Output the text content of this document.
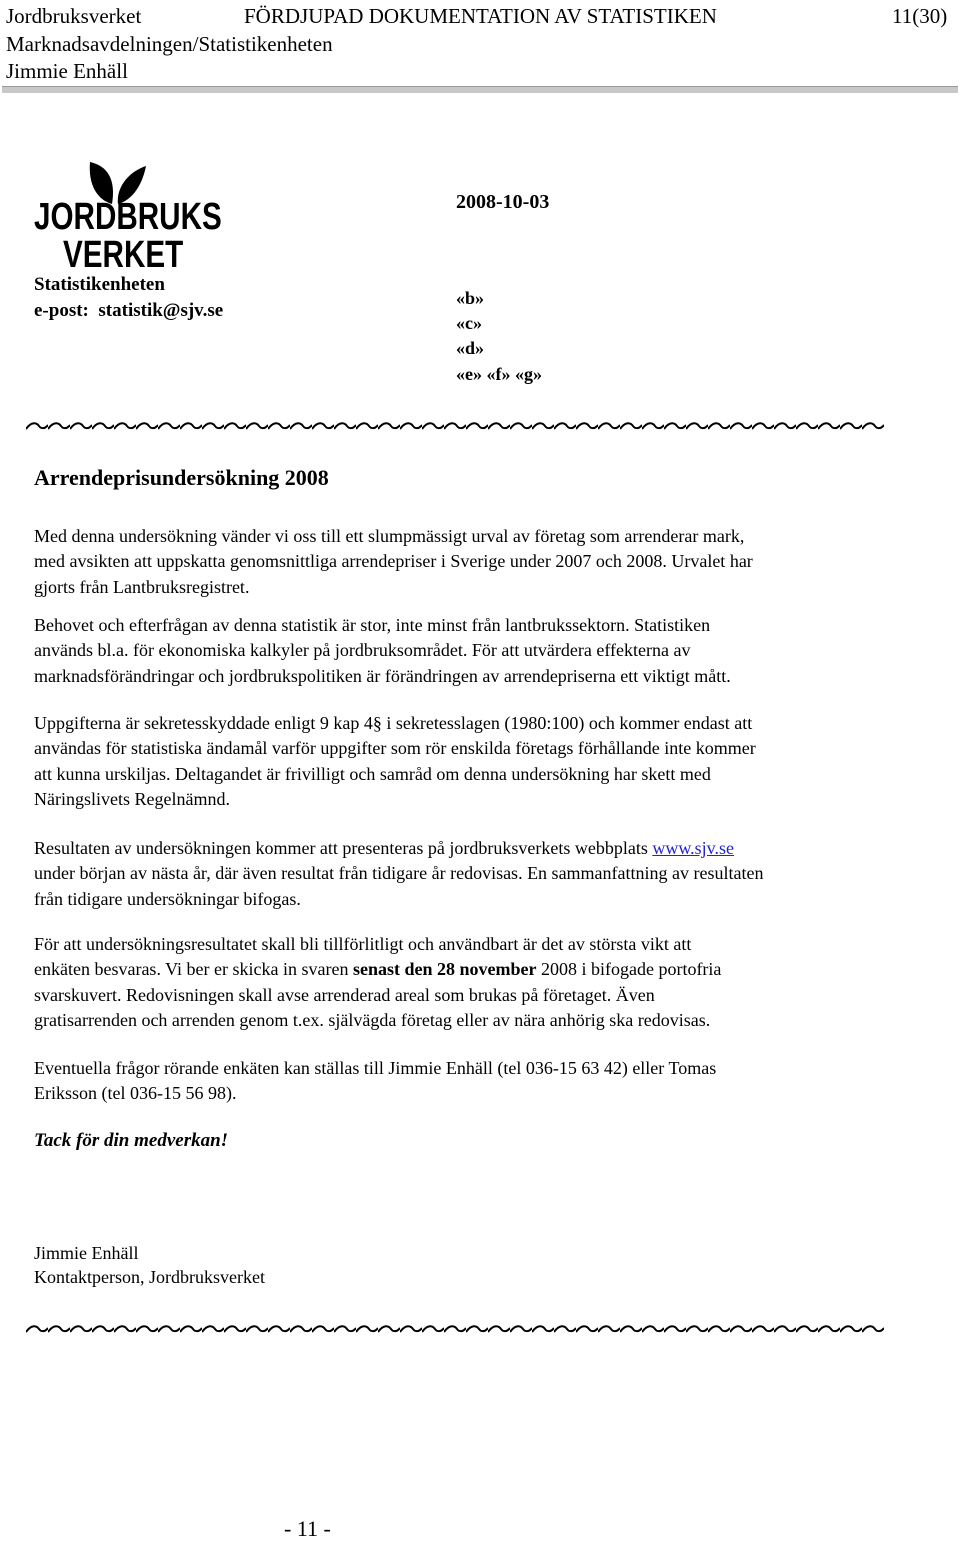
Jordbruksverket	FÖRDJUPAD DOKUMENTATION AV STATISTIKEN	11(30)
Marknadsavdelningen/Statistikenheten
Jimmie Enhäll
JORDBRUKS
VERKET
Statistikenheten
e-post: statistik@sjv.se
2008-10-03
«b»
«c»
«d»
«e» «f» «g»
Arrendeprisundersökning 2008

Med denna undersökning vänder vi oss till ett slumpmässigt urval av företag som arrenderar mark,

med avsikten att uppskatta genomsnittliga arrendepriser i Sverige under 2007 och 2008. Urvalet har

gjorts från Lantbruksregistret.

Behovet och efterfrågan av denna statistik är stor, inte minst från lantbrukssektorn. Statistiken

används bl.a. för ekonomiska kalkyler på jordbruksområdet. För att utvärdera effekterna av

marknadsförändringar och jordbrukspolitiken är förändringen av arrendepriserna ett viktigt mått.

Uppgifterna är sekretesskyddade enligt 9 kap 4§ i sekretesslagen (1980:100) och kommer endast att

användas för statistiska ändamål varför uppgifter som rör enskilda företags förhållande inte kommer

att kunna urskiljas. Deltagandet är frivilligt och samråd om denna undersökning har skett med

Näringslivets Regelnämnd.

Resultaten av undersökningen kommer att presenteras på jordbruksverkets webbplats www.sjv.se

under början av nästa år, där även resultat från tidigare år redovisas. En sammanfattning av resultaten

från tidigare undersökningar bifogas.

För att undersökningsresultatet skall bli tillförlitligt och användbart är det av största vikt att

enkäten besvaras. Vi ber er skicka in svaren senast den 28 november 2008 i bifogade portofria

svarskuvert. Redovisningen skall avse arrenderad areal som brukas på företaget. Även

gratisarrenden och arrenden genom t.ex. självägda företag eller av nära anhörig ska redovisas.

Eventuella frågor rörande enkäten kan ställas till Jimmie Enhäll (tel 036-15 63 42) eller Tomas

Eriksson (tel 036-15 56 98).

Tack för din medverkan!
Jimmie Enhäll
Kontaktperson, Jordbruksverket
- 11 -
